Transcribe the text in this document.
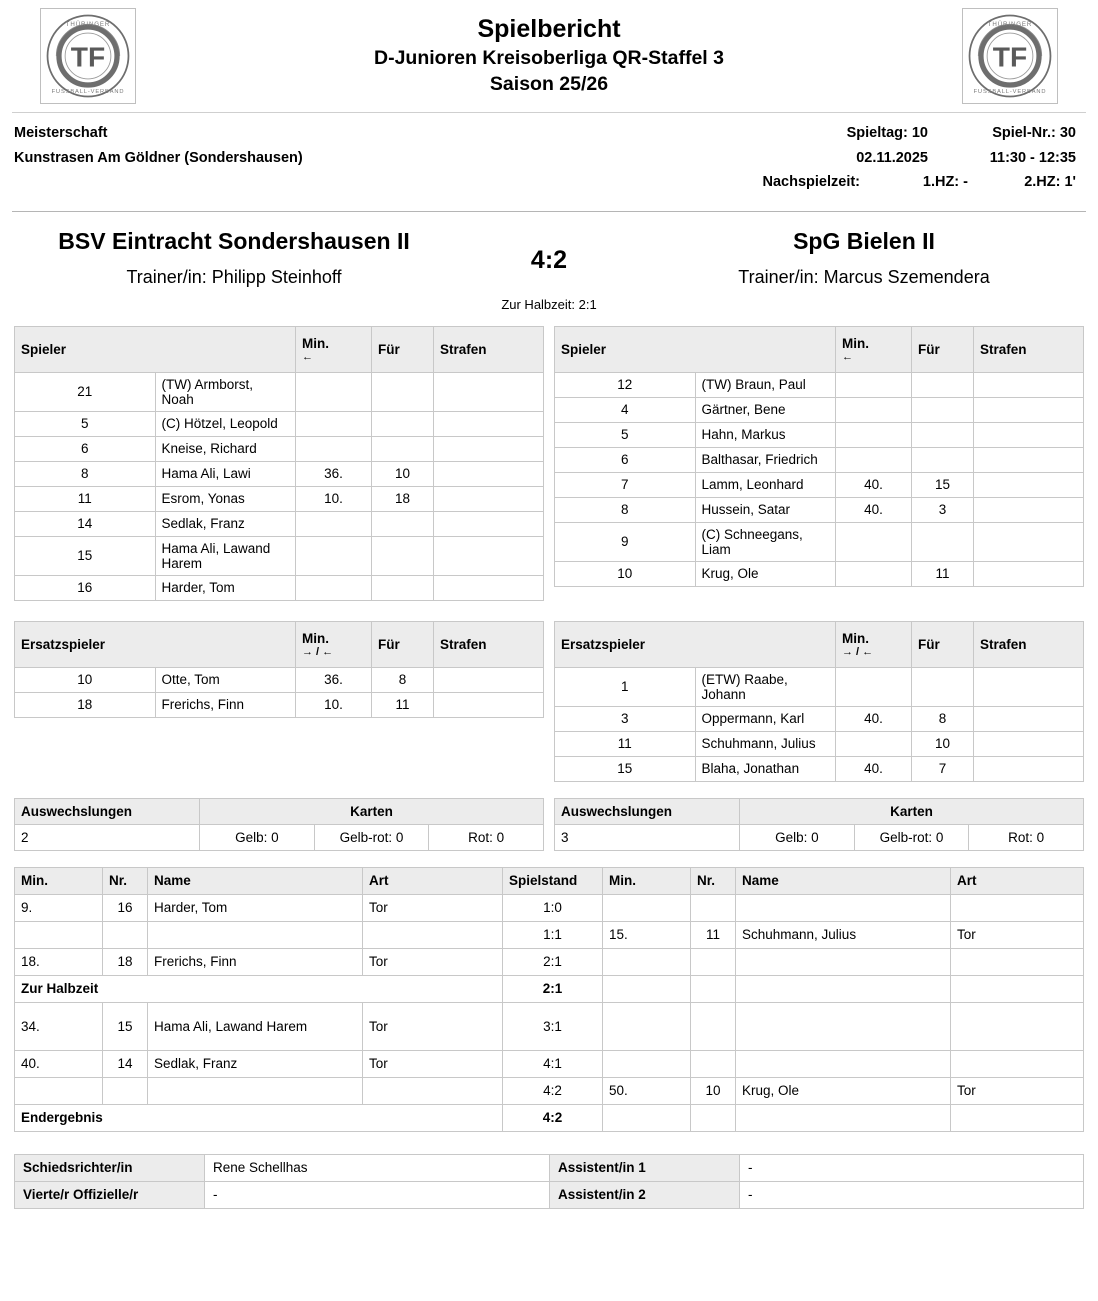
TF
THÜRINGER
FUSSBALL-VERBAND
Spielbericht
D-Junioren Kreisoberliga QR-Staffel 3
Saison 25/26
TF
THÜRINGER
FUSSBALL-VERBAND
Meisterschaft
Kunstrasen Am Göldner (Sondershausen)
Spieltag: 10	Spiel-Nr.: 30
02.11.2025	11:30 - 12:35
Nachspielzeit:	1.HZ: -	2.HZ: 1'
BSV Eintracht Sondershausen II
Trainer/in: Philipp Steinhoff
4:2
Zur Halbzeit: 2:1
SpG Bielen II
Trainer/in: Marcus Szemendera
Spieler		Min.
←	Für	Strafen
21	(TW) Armborst, Noah			
5	(C) Hötzel, Leopold			
6	Kneise, Richard			
8	Hama Ali, Lawi	36.	10	
11	Esrom, Yonas	10.	18	
14	Sedlak, Franz			
15	Hama Ali, Lawand Harem			
16	Harder, Tom			
Spieler		Min.
←	Für	Strafen
12	(TW) Braun, Paul			
4	Gärtner, Bene			
5	Hahn, Markus			
6	Balthasar, Friedrich			
7	Lamm, Leonhard	40.	15	
8	Hussein, Satar	40.	3	
9	(C) Schneegans, Liam			
10	Krug, Ole		11	
Ersatzspieler		Min.
→ / ←	Für	Strafen
10	Otte, Tom	36.	8	
18	Frerichs, Finn	10.	11	
Ersatzspieler		Min.
→ / ←	Für	Strafen
1	(ETW) Raabe, Johann			
3	Oppermann, Karl	40.	8	
11	Schuhmann, Julius		10	
15	Blaha, Jonathan	40.	7	
Auswechslungen	Karten		
2	Gelb: 0	Gelb-rot: 0	Rot: 0
Auswechslungen	Karten		
3	Gelb: 0	Gelb-rot: 0	Rot: 0
Min.	Nr.	Name	Art	Spielstand	Min.	Nr.	Name	Art
9.	16	Harder, Tom	Tor	1:0				
				1:1	15.	11	Schuhmann, Julius	Tor
18.	18	Frerichs, Finn	Tor	2:1				
Zur Halbzeit				2:1				
34.	15	Hama Ali, Lawand Harem	Tor	3:1				
40.	14	Sedlak, Franz	Tor	4:1				
				4:2	50.	10	Krug, Ole	Tor
Endergebnis				4:2				
Schiedsrichter/in	Rene Schellhas	Assistent/in 1	-
Vierte/r Offizielle/r	-	Assistent/in 2	-
